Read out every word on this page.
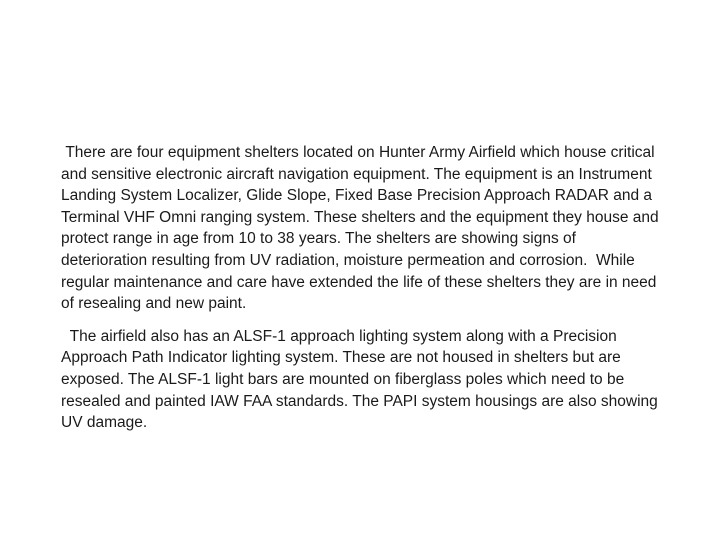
There are four equipment shelters located on Hunter Army Airfield which house critical and sensitive electronic aircraft navigation equipment. The equipment is an Instrument Landing System Localizer, Glide Slope, Fixed Base Precision Approach RADAR and a Terminal VHF Omni ranging system. These shelters and the equipment they house and protect range in age from 10 to 38 years. The shelters are showing signs of deterioration resulting from UV radiation, moisture permeation and corrosion.  While regular maintenance and care have extended the life of these shelters they are in need of resealing and new paint.

The airfield also has an ALSF-1 approach lighting system along with a Precision Approach Path Indicator lighting system. These are not housed in shelters but are exposed. The ALSF-1 light bars are mounted on fiberglass poles which need to be resealed and painted IAW FAA standards. The PAPI system housings are also showing UV damage.
